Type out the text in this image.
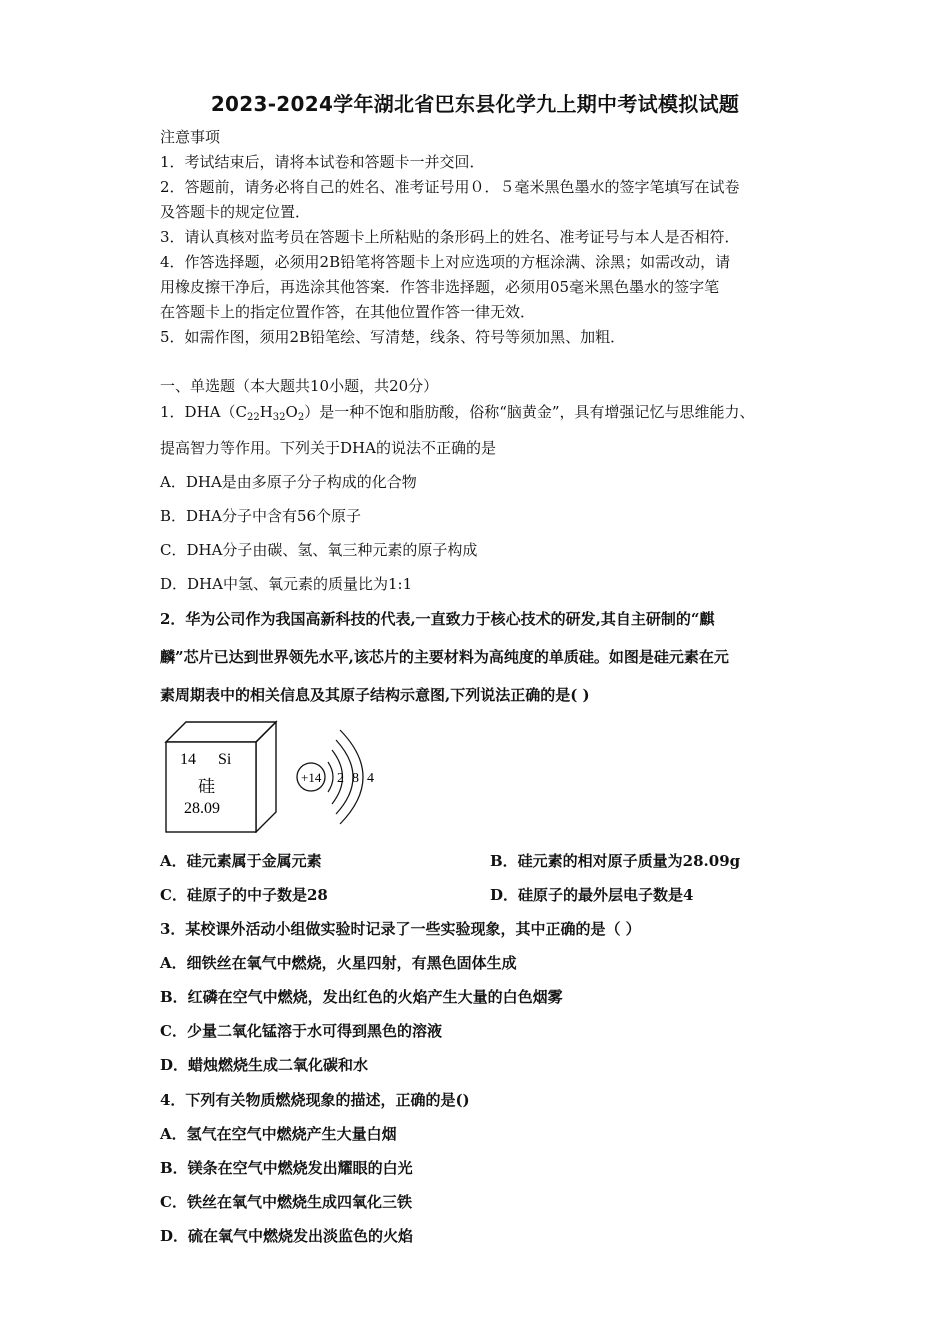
2023-2024学年湖北省巴东县化学九上期中考试模拟试题
注意事项
1．考试结束后，请将本试卷和答题卡一并交回．
2．答题前，请务必将自己的姓名、准考证号用０．５毫米黑色墨水的签字笔填写在试卷
及答题卡的规定位置．
3．请认真核对监考员在答题卡上所粘贴的条形码上的姓名、准考证号与本人是否相符．
4．作答选择题，必须用2B铅笔将答题卡上对应选项的方框涂满、涂黑；如需改动，请
用橡皮擦干净后，再选涂其他答案．作答非选择题，必须用05毫米黑色墨水的签字笔
在答题卡上的指定位置作答，在其他位置作答一律无效．
5．如需作图，须用2B铅笔绘、写清楚，线条、符号等须加黑、加粗．
一、单选题（本大题共10小题，共20分）
1．$DHA(C_{22}H_{32}O_2)$是一种不饱和脂肪酸，俗称“脑黄金”，具有增强记忆与思维能力、
提高智力等作用。下列关于DHA的说法不正确的是
A．DHA是由多原子分子构成的化合物
B．DHA分子中含有56个原子
C．DHA分子由碳、氢、氧三种元素的原子构成
D．DHA中氢、氧元素的质量比为1:1
2．华为公司作为我国高新科技的代表,一直致力于核心技术的研发,其自主研制的“麒
麟”芯片已达到世界领先水平,该芯片的主要材料为高纯度的单质硅。如图是硅元素在元
素周期表中的相关信息及其原子结构示意图,下列说法正确的是( )
14 Si
硅
28.09
+14 2 8 4
A．硅元素属于金属元素	B．硅元素的相对原子质量为28.09g
C．硅原子的中子数是28	D．硅原子的最外层电子数是4
3．某校课外活动小组做实验时记录了一些实验现象，其中正确的是（ ）
A．细铁丝在氧气中燃烧，火星四射，有黑色固体生成
B．红磷在空气中燃烧，发出红色的火焰产生大量的白色烟雾
C．少量二氧化锰溶于水可得到黑色的溶液
D．蜡烛燃烧生成二氧化碳和水
4．下列有关物质燃烧现象的描述，正确的是()
A．氢气在空气中燃烧产生大量白烟
B．镁条在空气中燃烧发出耀眼的白光
C．铁丝在氧气中燃烧生成四氧化三铁
D．硫在氧气中燃烧发出淡监色的火焰
